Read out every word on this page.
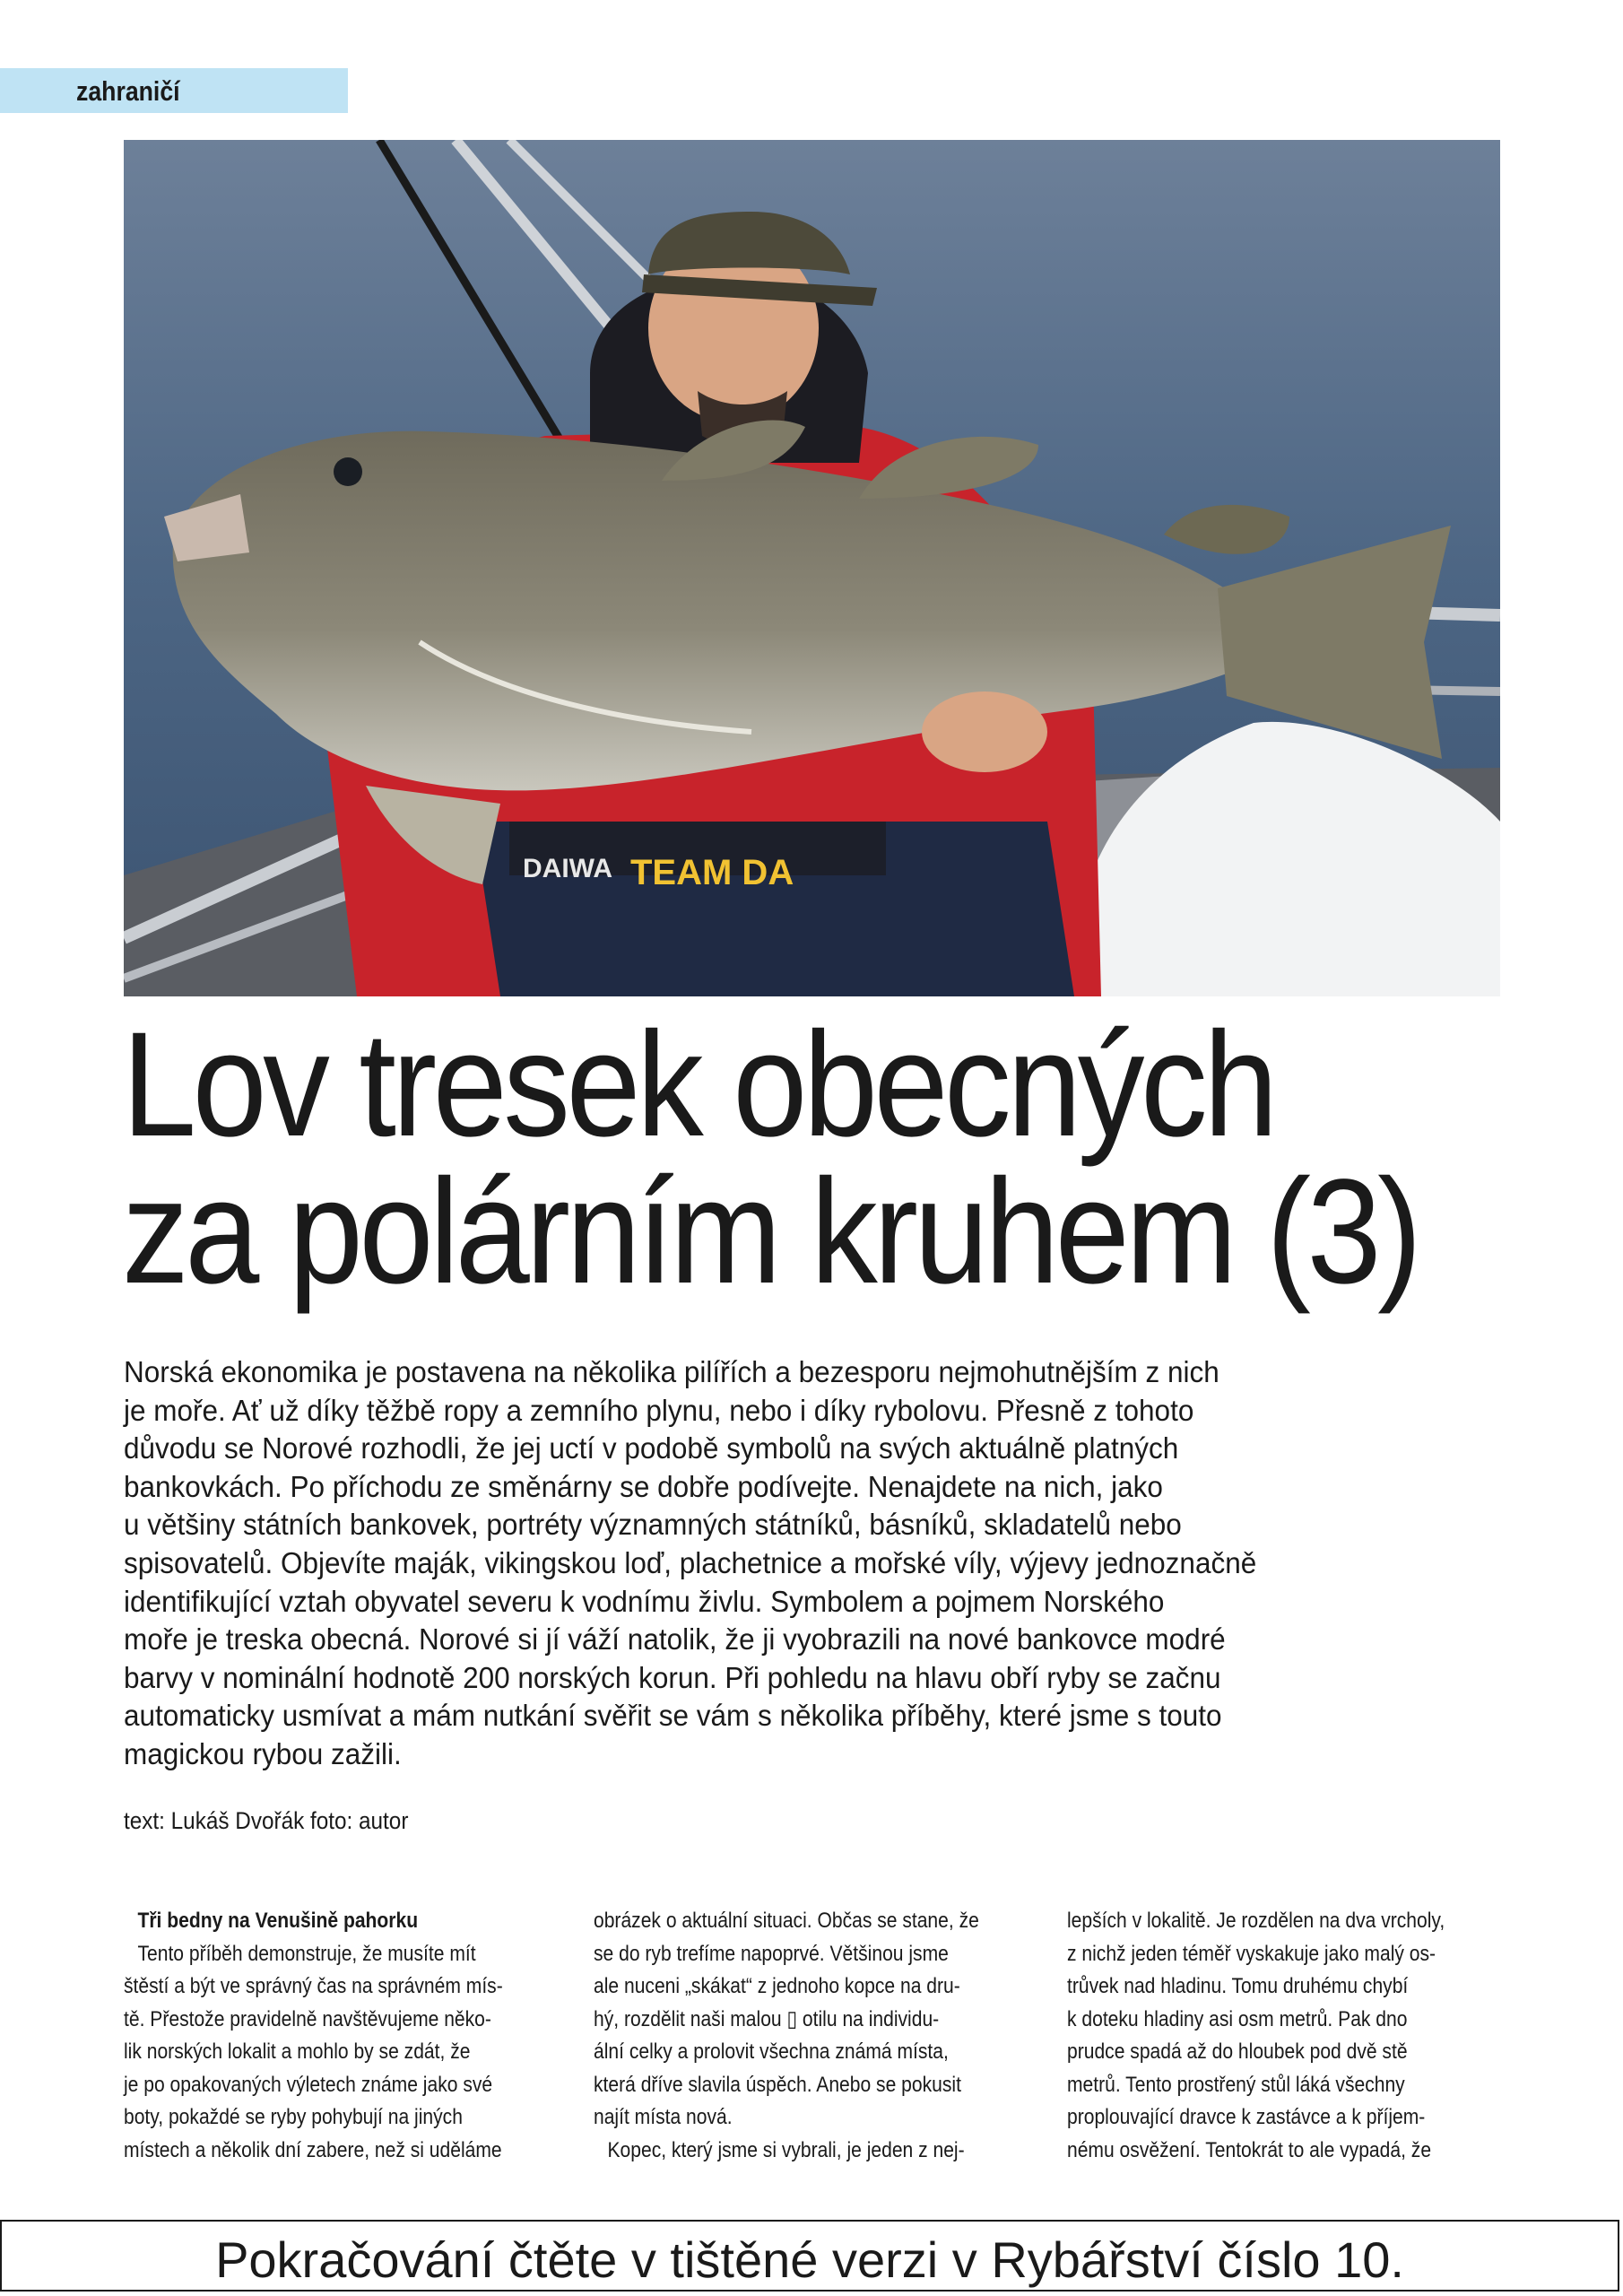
zahraničí
DAIWA TEAM DA
Lov tresek obecných
za polárním kruhem (3)
Norská ekonomika je postavena na několika pilířích a bezesporu nejmohutnějším z nich
je moře. Ať už díky těžbě ropy a zemního plynu, nebo i díky rybolovu. Přesně z tohoto
důvodu se Norové rozhodli, že jej uctí v podobě symbolů na svých aktuálně platných
bankovkách. Po příchodu ze směnárny se dobře podívejte. Nenajdete na nich, jako
u většiny státních bankovek, portréty významných státníků, básníků, skladatelů nebo
spisovatelů. Objevíte maják, vikingskou loď, plachetnice a mořské víly, výjevy jednoznačně
identifikující vztah obyvatel severu k vodnímu živlu. Symbolem a pojmem Norského
moře je treska obecná. Norové si jí váží natolik, že ji vyobrazili na nové bankovce modré
barvy v nominální hodnotě 200 norských korun. Při pohledu na hlavu obří ryby se začnu
automaticky usmívat a mám nutkání svěřit se vám s několika příběhy, které jsme s touto
magickou rybou zažili.
text: Lukáš Dvořák foto: autor
Tři bedny na Venušině pahorku
Tento příběh demonstruje, že musíte mít
štěstí a být ve správný čas na správném mís-
tě. Přestože pravidelně navštěvujeme něko-
lik norských lokalit a mohlo by se zdát, že
je po opakovaných výletech známe jako své
boty, pokaždé se ryby pohybují na jiných
místech a několik dní zabere, než si uděláme
obrázek o aktuální situaci. Občas se stane, že
se do ryb trefíme napoprvé. Většinou jsme
ale nuceni „skákat“ z jednoho kopce na dru-
hý, rozdělit naši malou ▯ otilu na individu-
ální celky a prolovit všechna známá místa,
která dříve slavila úspěch. Anebo se pokusit
najít místa nová.
Kopec, který jsme si vybrali, je jeden z nej-
lepších v lokalitě. Je rozdělen na dva vrcholy,
z nichž jeden téměř vyskakuje jako malý os-
trůvek nad hladinu. Tomu druhému chybí
k doteku hladiny asi osm metrů. Pak dno
prudce spadá až do hloubek pod dvě stě
metrů. Tento prostřený stůl láká všechny
proplouvající dravce k zastávce a k příjem-
nému osvěžení. Tentokrát to ale vypadá, že
Pokračování čtěte v tištěné verzi v Rybářství číslo 10.
